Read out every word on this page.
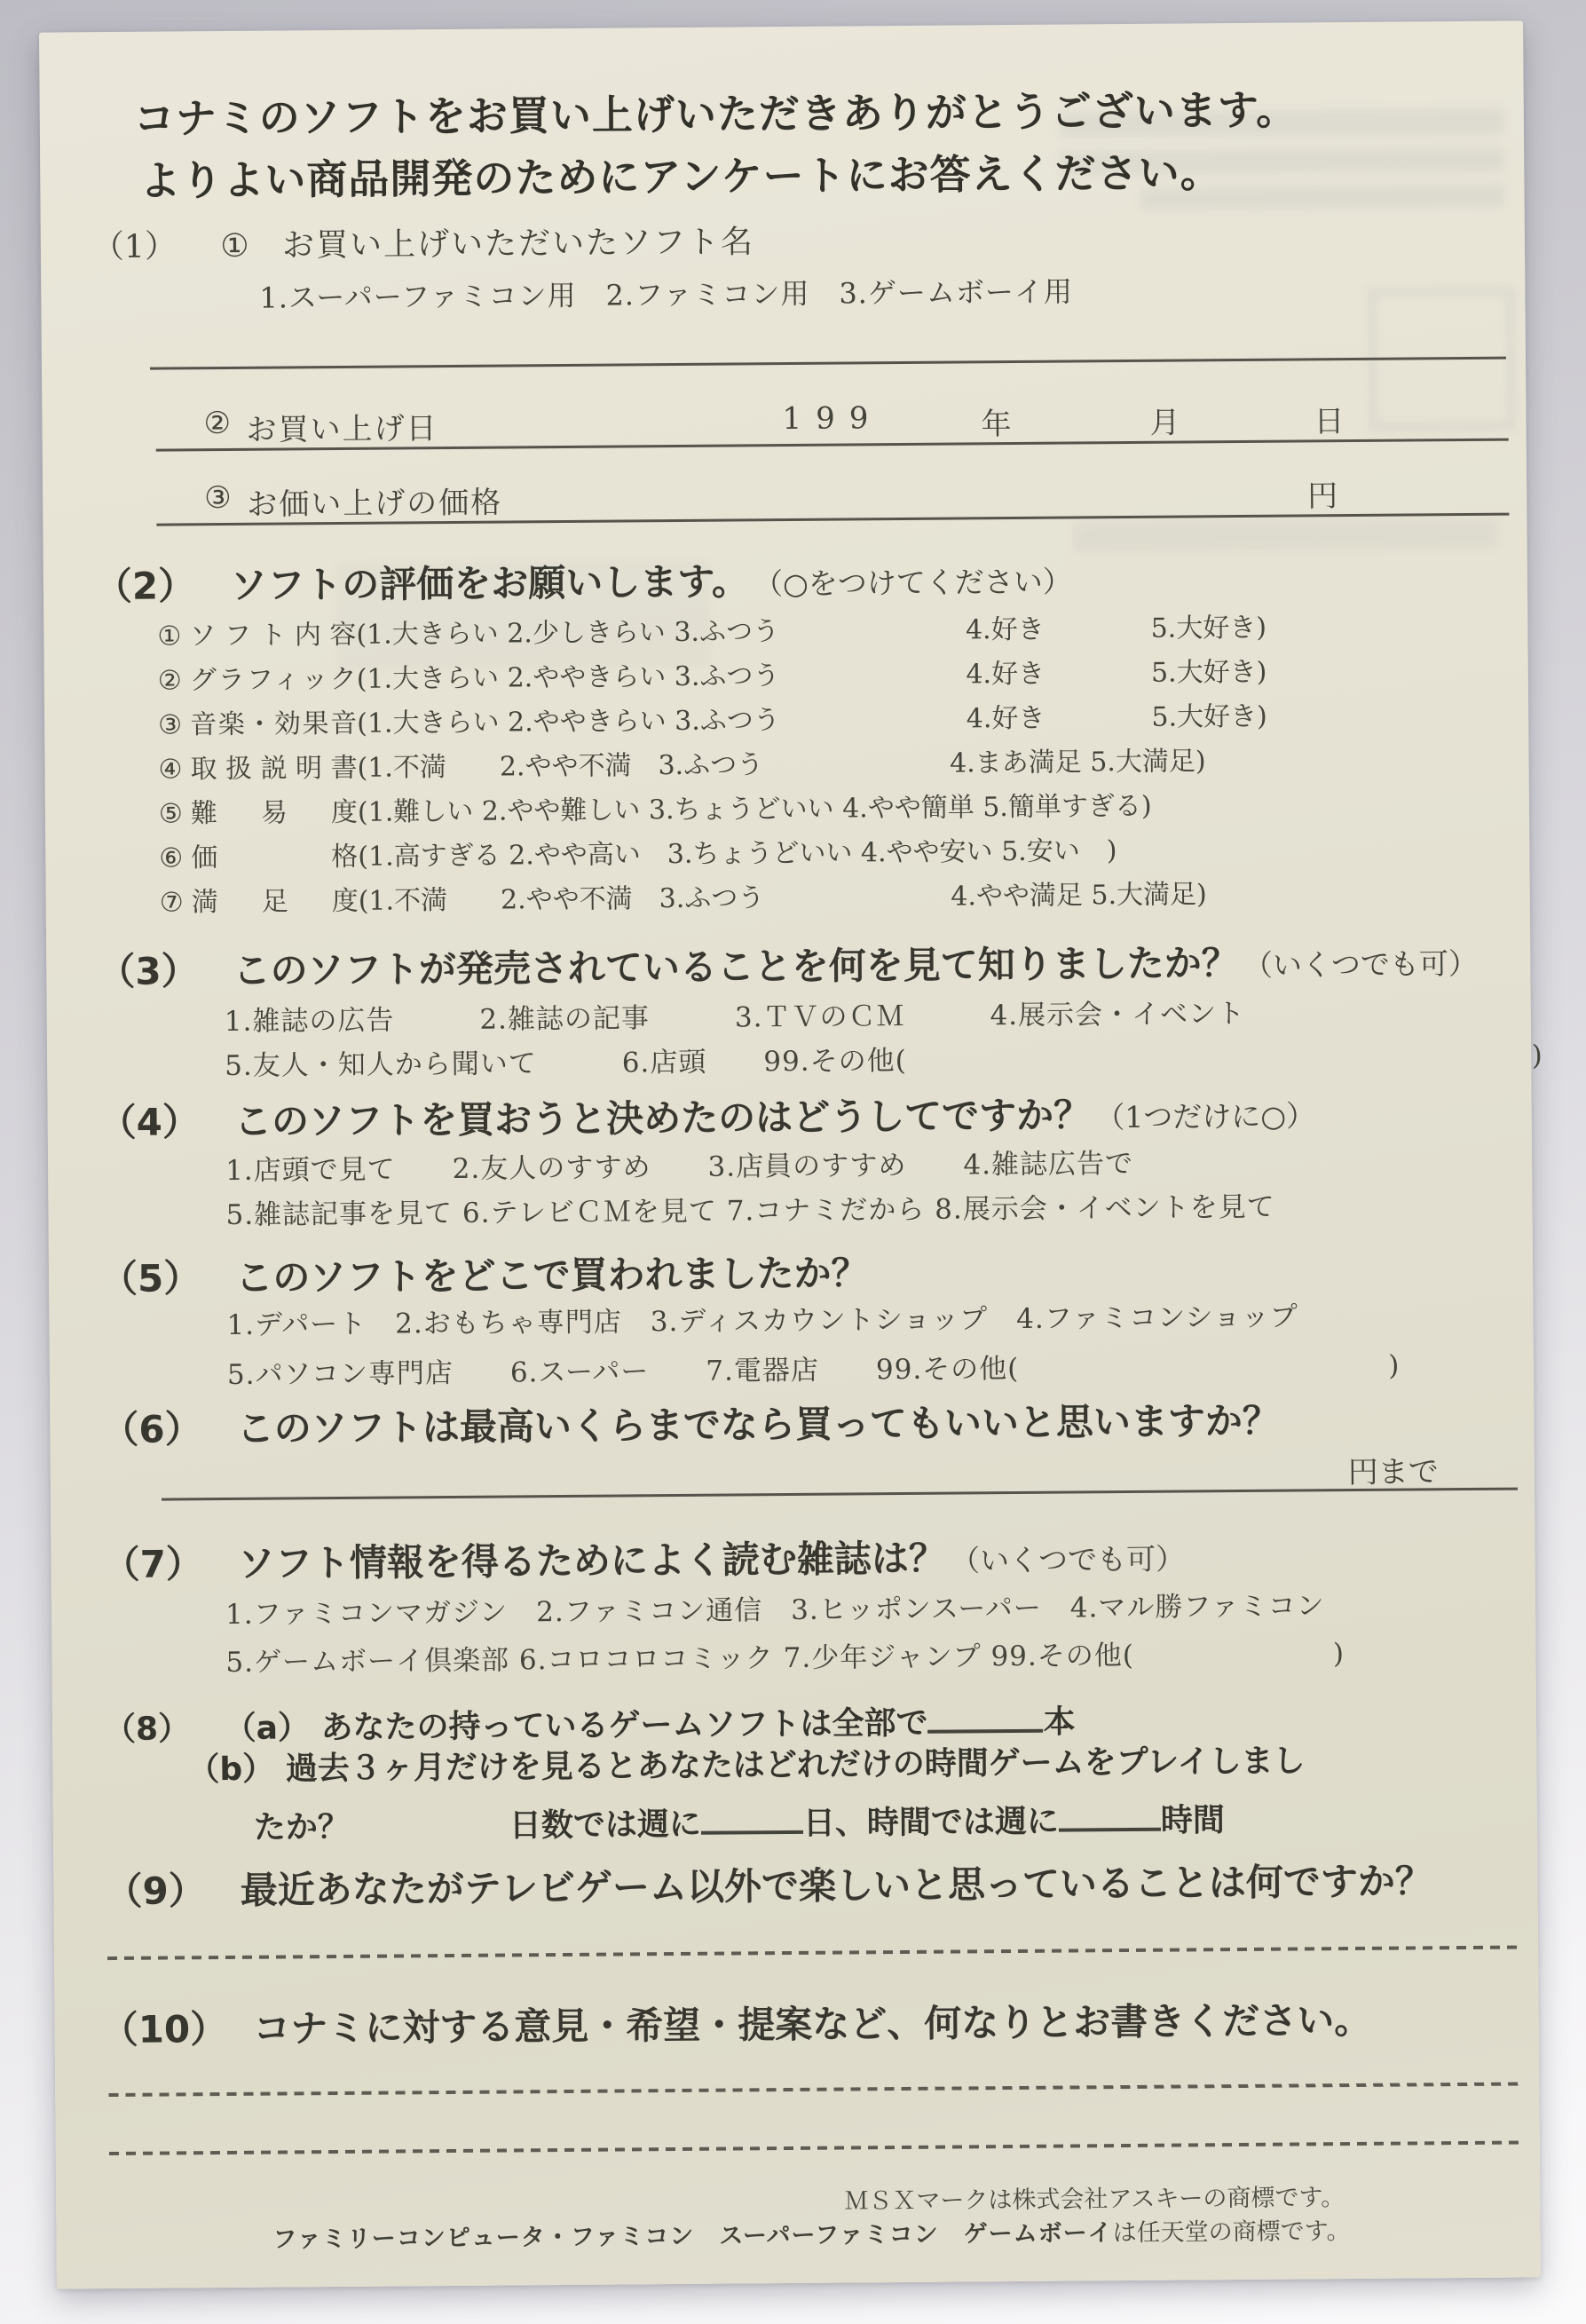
コナミのソフトをお買い上げいただきありがとうございます。
よりよい商品開発のためにアンケートにお答えください。
（1） ① お買い上げいただいたソフト名
1.スーパーファミコン用　2.ファミコン用　3.ゲームボーイ用
② お買い上げ日	199	年	月	日
③ お価い上げの価格	円
（2） ソフトの評価をお願いします。 （○をつけてください）
① ソフト内容(1.大きらい 2.少しきらい 3.ふつう　　　　　　　4.好き　　　　5.大好き)
② グラフィック(1.大きらい 2.ややきらい 3.ふつう　　　　　　　4.好き　　　　5.大好き)
③ 音楽・効果音(1.大きらい 2.ややきらい 3.ふつう　　　　　　　4.好き　　　　5.大好き)
④ 取扱説明書(1.不満　　2.やや不満　3.ふつう　　　　　　　4.まあ満足 5.大満足)
⑤ 難　易　度(1.難しい 2.やや難しい 3.ちょうどいい 4.やや簡単 5.簡単すぎる)
⑥ 価　　　格(1.高すぎる 2.やや高い　3.ちょうどいい 4.やや安い 5.安い　)
⑦ 満　足　度(1.不満　　2.やや不満　3.ふつう　　　　　　　4.やや満足 5.大満足)
（3） このソフトが発売されていることを何を見て知りましたか？ （いくつでも可）
1.雑誌の広告　　　2.雑誌の記事　　　3.ＴＶのＣＭ　　　4.展示会・イベント
5.友人・知人から聞いて　　　6.店頭　　99.その他(　　　　　　　　　　　　　　　　　　　　　　)
（4） このソフトを買おうと決めたのはどうしてですか？ （1つだけに○）
1.店頭で見て　　2.友人のすすめ　　3.店員のすすめ　　4.雑誌広告で
5.雑誌記事を見て 6.テレビＣＭを見て 7.コナミだから 8.展示会・イベントを見て
（5） このソフトをどこで買われましたか？
1.デパート　2.おもちゃ専門店　3.ディスカウントショップ　4.ファミコンショップ
5.パソコン専門店　　6.スーパー　　7.電器店　　99.その他(　　　　　　　　　　　　　)
（6） このソフトは最高いくらまでなら買ってもいいと思いますか？
円まで
（7） ソフト情報を得るためによく読む雑誌は？ （いくつでも可）
1.ファミコンマガジン　2.ファミコン通信　3.ヒッポンスーパー　4.マル勝ファミコン
5.ゲームボーイ倶楽部 6.コロコロコミック 7.少年ジャンプ 99.その他(　　　　　　　)
（8） （a） あなたの持っているゲームソフトは全部で	本
（b） 過去３ヶ月だけを見るとあなたはどれだけの時間ゲームをプレイしまし
たか？	日数では週に	日、時間では週に	時間
（9） 最近あなたがテレビゲーム以外で楽しいと思っていることは何ですか？
（10） コナミに対する意見・希望・提案など、何なりとお書きください。
ＭＳＸマークは株式会社アスキーの商標です。
ファミリーコンピュータ・ファミコン　スーパーファミコン　ゲームボーイは任天堂の商標です。
